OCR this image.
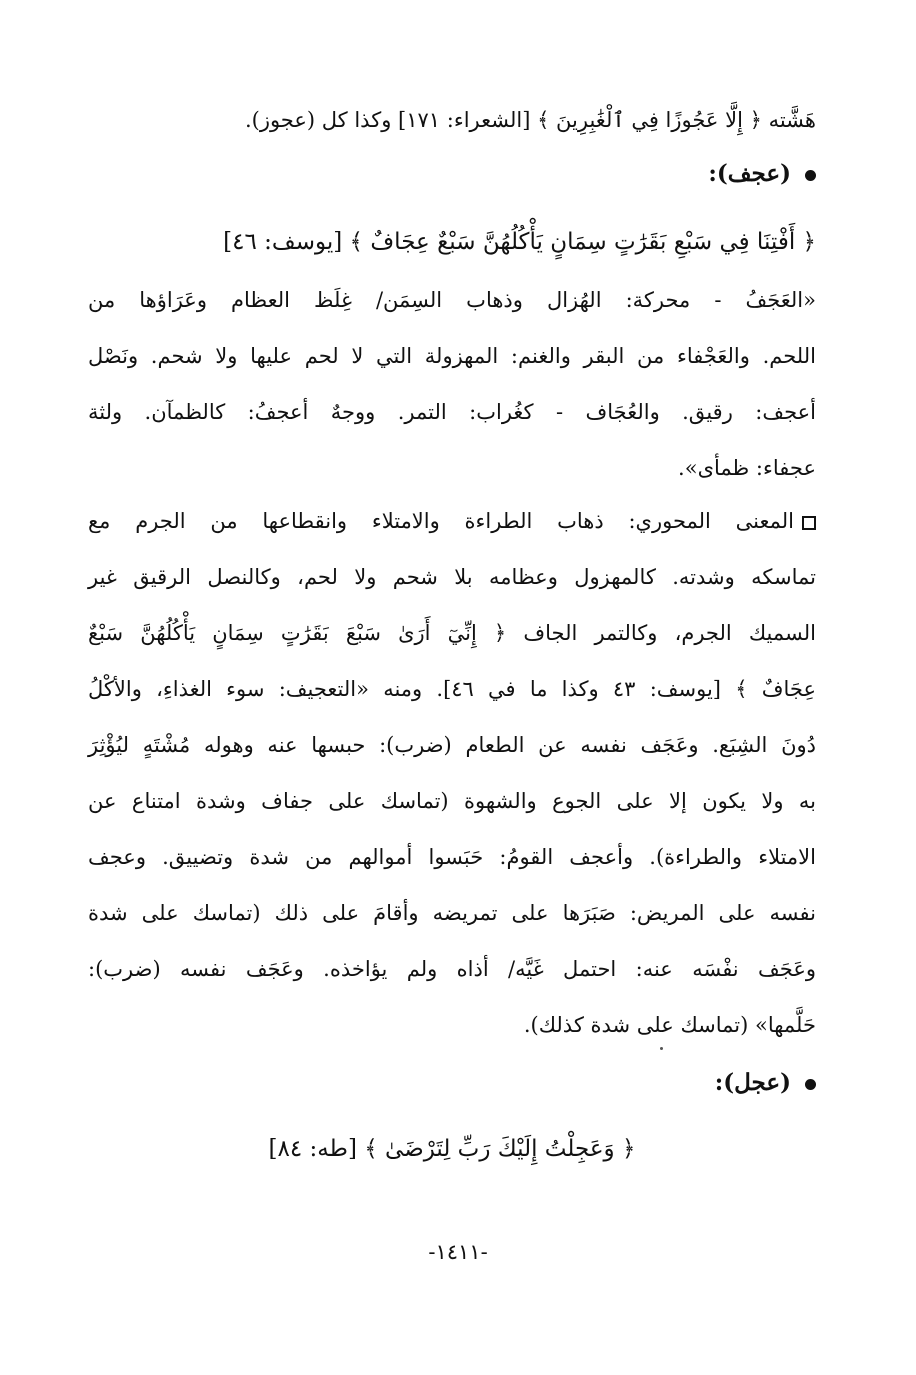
هَشَّته ﴿ إِلَّا عَجُوزًا فِي ٱلْغَٰبِرِينَ ﴾ [الشعراء: ١٧١] وكذا كل (عجوز).
(عجف):
﴿ أَفْتِنَا فِي سَبْعِ بَقَرَٰتٍ سِمَانٍ يَأْكُلُهُنَّ سَبْعٌ عِجَافٌ ﴾ [يوسف: ٤٦]
«العَجَفُ - محركة: الهُزال وذهاب السِمَن/ غِلَظ العظام وعَرَاؤها من
اللحم. والعَجْفاء من البقر والغنم: المهزولة التي لا لحم عليها ولا شحم. ونَصْل
أعجف: رقيق. والعُجَاف - كغُراب: التمر. ووجهٌ أعجفُ: كالظمآن. ولثة
عجفاء: ظمأى».
المعنى المحوري: ذهاب الطراءة والامتلاء وانقطاعها من الجرم مع
تماسكه وشدته. كالمهزول وعظامه بلا شحم ولا لحم، وكالنصل الرقيق غير
السميك الجرم، وكالتمر الجاف ﴿ إِنِّيٓ أَرَىٰ سَبْعَ بَقَرَٰتٍ سِمَانٍ يَأْكُلُهُنَّ سَبْعٌ
عِجَافٌ ﴾ [يوسف: ٤٣ وكذا ما في ٤٦]. ومنه «التعجيف: سوء الغذاءِ، والأكْلُ
دُونَ الشِبَع. وعَجَف نفسه عن الطعام (ضرب): حبسها عنه وهوله مُشْتَهٍ ليُؤْثِرَ
به ولا يكون إلا على الجوع والشهوة (تماسك على جفاف وشدة امتناع عن
الامتلاء والطراءة). وأعجف القومُ: حَبَسوا أموالهم من شدة وتضييق. وعجف
نفسه على المريض: صَبَرَها على تمريضه وأقامَ على ذلك (تماسك على شدة
وعَجَف نفْسَه عنه: احتمل غَيَّه/ أذاه ولم يؤاخذه. وعَجَف نفسه (ضرب):
حَلَّمها» (تماسك على شدة كذلك).
(عجل):
﴿ وَعَجِلْتُ إِلَيْكَ رَبِّ لِتَرْضَىٰ ﴾ [طه: ٨٤]
-١٤١١-
